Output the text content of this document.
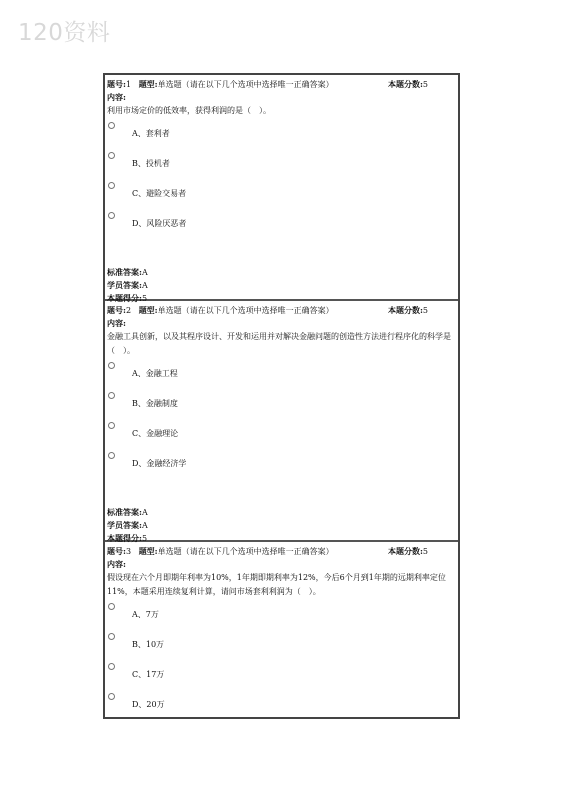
120资料
题号:1 题型:单选题（请在以下几个选项中选择唯一正确答案）	本题分数:5
内容:
利用市场定价的低效率，获得利润的是（　）。
A、套利者
B、投机者
C、避险交易者
D、风险厌恶者
标准答案:A
学员答案:A
本题得分:5
题号:2 题型:单选题（请在以下几个选项中选择唯一正确答案）	本题分数:5
内容:
金融工具创新，以及其程序设计、开发和运用并对解决金融问题的创造性方法进行程序化的科学是（　）。
A、金融工程
B、金融制度
C、金融理论
D、金融经济学
标准答案:A
学员答案:A
本题得分:5
题号:3 题型:单选题（请在以下几个选项中选择唯一正确答案）	本题分数:5
内容:
假设现在六个月即期年利率为10%，1年期即期利率为12%，今后6个月到1年期的远期利率定位11%，本题采用连续复利计算，请问市场套利利润为（　）。
A、7万
B、10万
C、17万
D、20万
